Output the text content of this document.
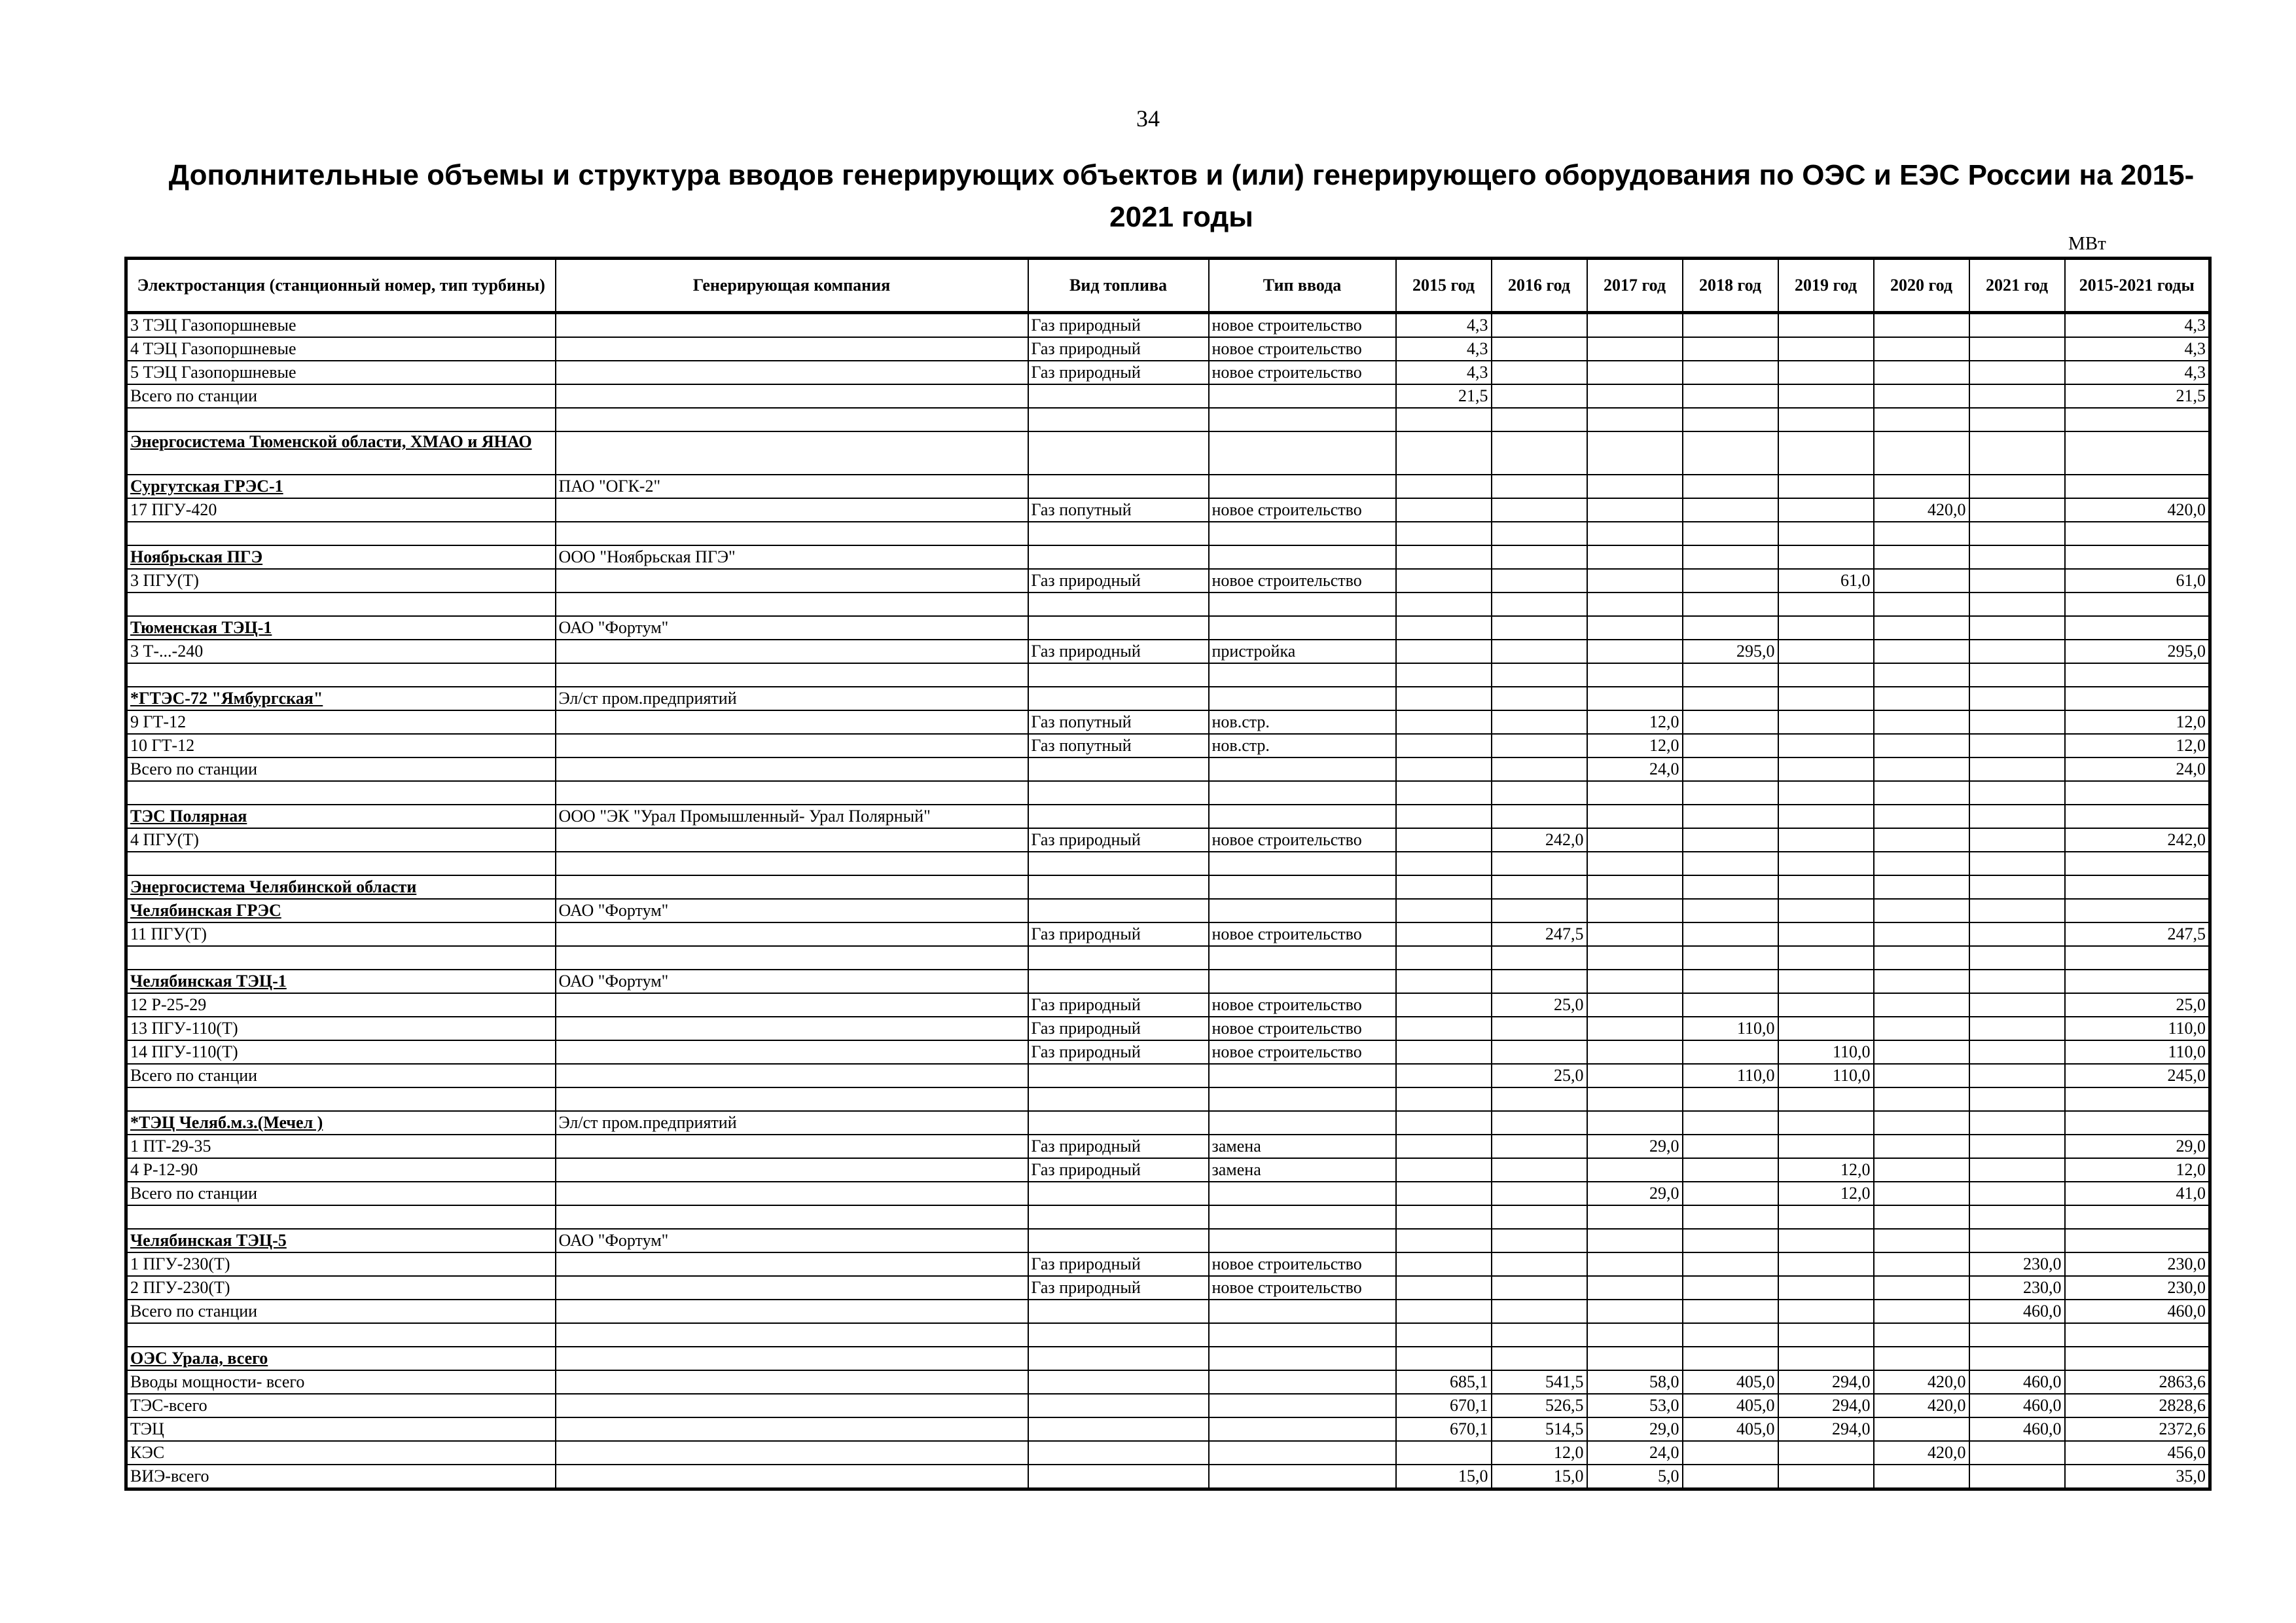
34
Дополнительные объемы и структура вводов генерирующих объектов и (или) генерирующего оборудования по ОЭС и ЕЭС России на 2015-2021 годы
МВт
Электростанция (станционный номер, тип турбины)	Генерирующая компания	Вид топлива	Тип ввода	2015 год	2016 год	2017 год	2018 год	2019 год	2020 год	2021 год	2015-2021 годы
3 ТЭЦ Газопоршневые		Газ природный	новое строительство	4,3							4,3
4 ТЭЦ Газопоршневые		Газ природный	новое строительство	4,3							4,3
5 ТЭЦ Газопоршневые		Газ природный	новое строительство	4,3							4,3
Всего по станции				21,5							21,5

Энергосистема Тюменской области, ХМАО и ЯНАО											
Сургутская ГРЭС-1	ПАО "ОГК-2"										
17 ПГУ-420		Газ попутный	новое строительство						420,0		420,0

Ноябрьская ПГЭ	ООО "Ноябрьская ПГЭ"										
3 ПГУ(Т)		Газ природный	новое строительство					61,0			61,0

Тюменская ТЭЦ-1	ОАО "Фортум"										
3 Т-...-240		Газ природный	пристройка				295,0				295,0

*ГТЭС-72 "Ямбургская"	Эл/ст пром.предприятий										
9 ГТ-12		Газ попутный	нов.стр.			12,0					12,0
10 ГТ-12		Газ попутный	нов.стр.			12,0					12,0
Всего по станции						24,0					24,0

ТЭС Полярная	ООО "ЭК "Урал Промышленный- Урал Полярный"										
4 ПГУ(Т)		Газ природный	новое строительство		242,0						242,0

Энергосистема Челябинской области											
Челябинская ГРЭС	ОАО "Фортум"										
11 ПГУ(Т)		Газ природный	новое строительство		247,5						247,5

Челябинская ТЭЦ-1	ОАО "Фортум"										
12 Р-25-29		Газ природный	новое строительство		25,0						25,0
13 ПГУ-110(Т)		Газ природный	новое строительство				110,0				110,0
14 ПГУ-110(Т)		Газ природный	новое строительство					110,0			110,0
Всего по станции					25,0		110,0	110,0			245,0

*ТЭЦ Челяб.м.з.(Мечел )	Эл/ст пром.предприятий										
1 ПТ-29-35		Газ природный	замена			29,0					29,0
4 Р-12-90		Газ природный	замена					12,0			12,0
Всего по станции						29,0		12,0			41,0

Челябинская ТЭЦ-5	ОАО "Фортум"										
1 ПГУ-230(Т)		Газ природный	новое строительство							230,0	230,0
2 ПГУ-230(Т)		Газ природный	новое строительство							230,0	230,0
Всего по станции										460,0	460,0

ОЭС Урала, всего											
Вводы мощности- всего				685,1	541,5	58,0	405,0	294,0	420,0	460,0	2863,6
ТЭС-всего				670,1	526,5	53,0	405,0	294,0	420,0	460,0	2828,6
ТЭЦ				670,1	514,5	29,0	405,0	294,0		460,0	2372,6
КЭС					12,0	24,0			420,0		456,0
ВИЭ-всего				15,0	15,0	5,0					35,0
